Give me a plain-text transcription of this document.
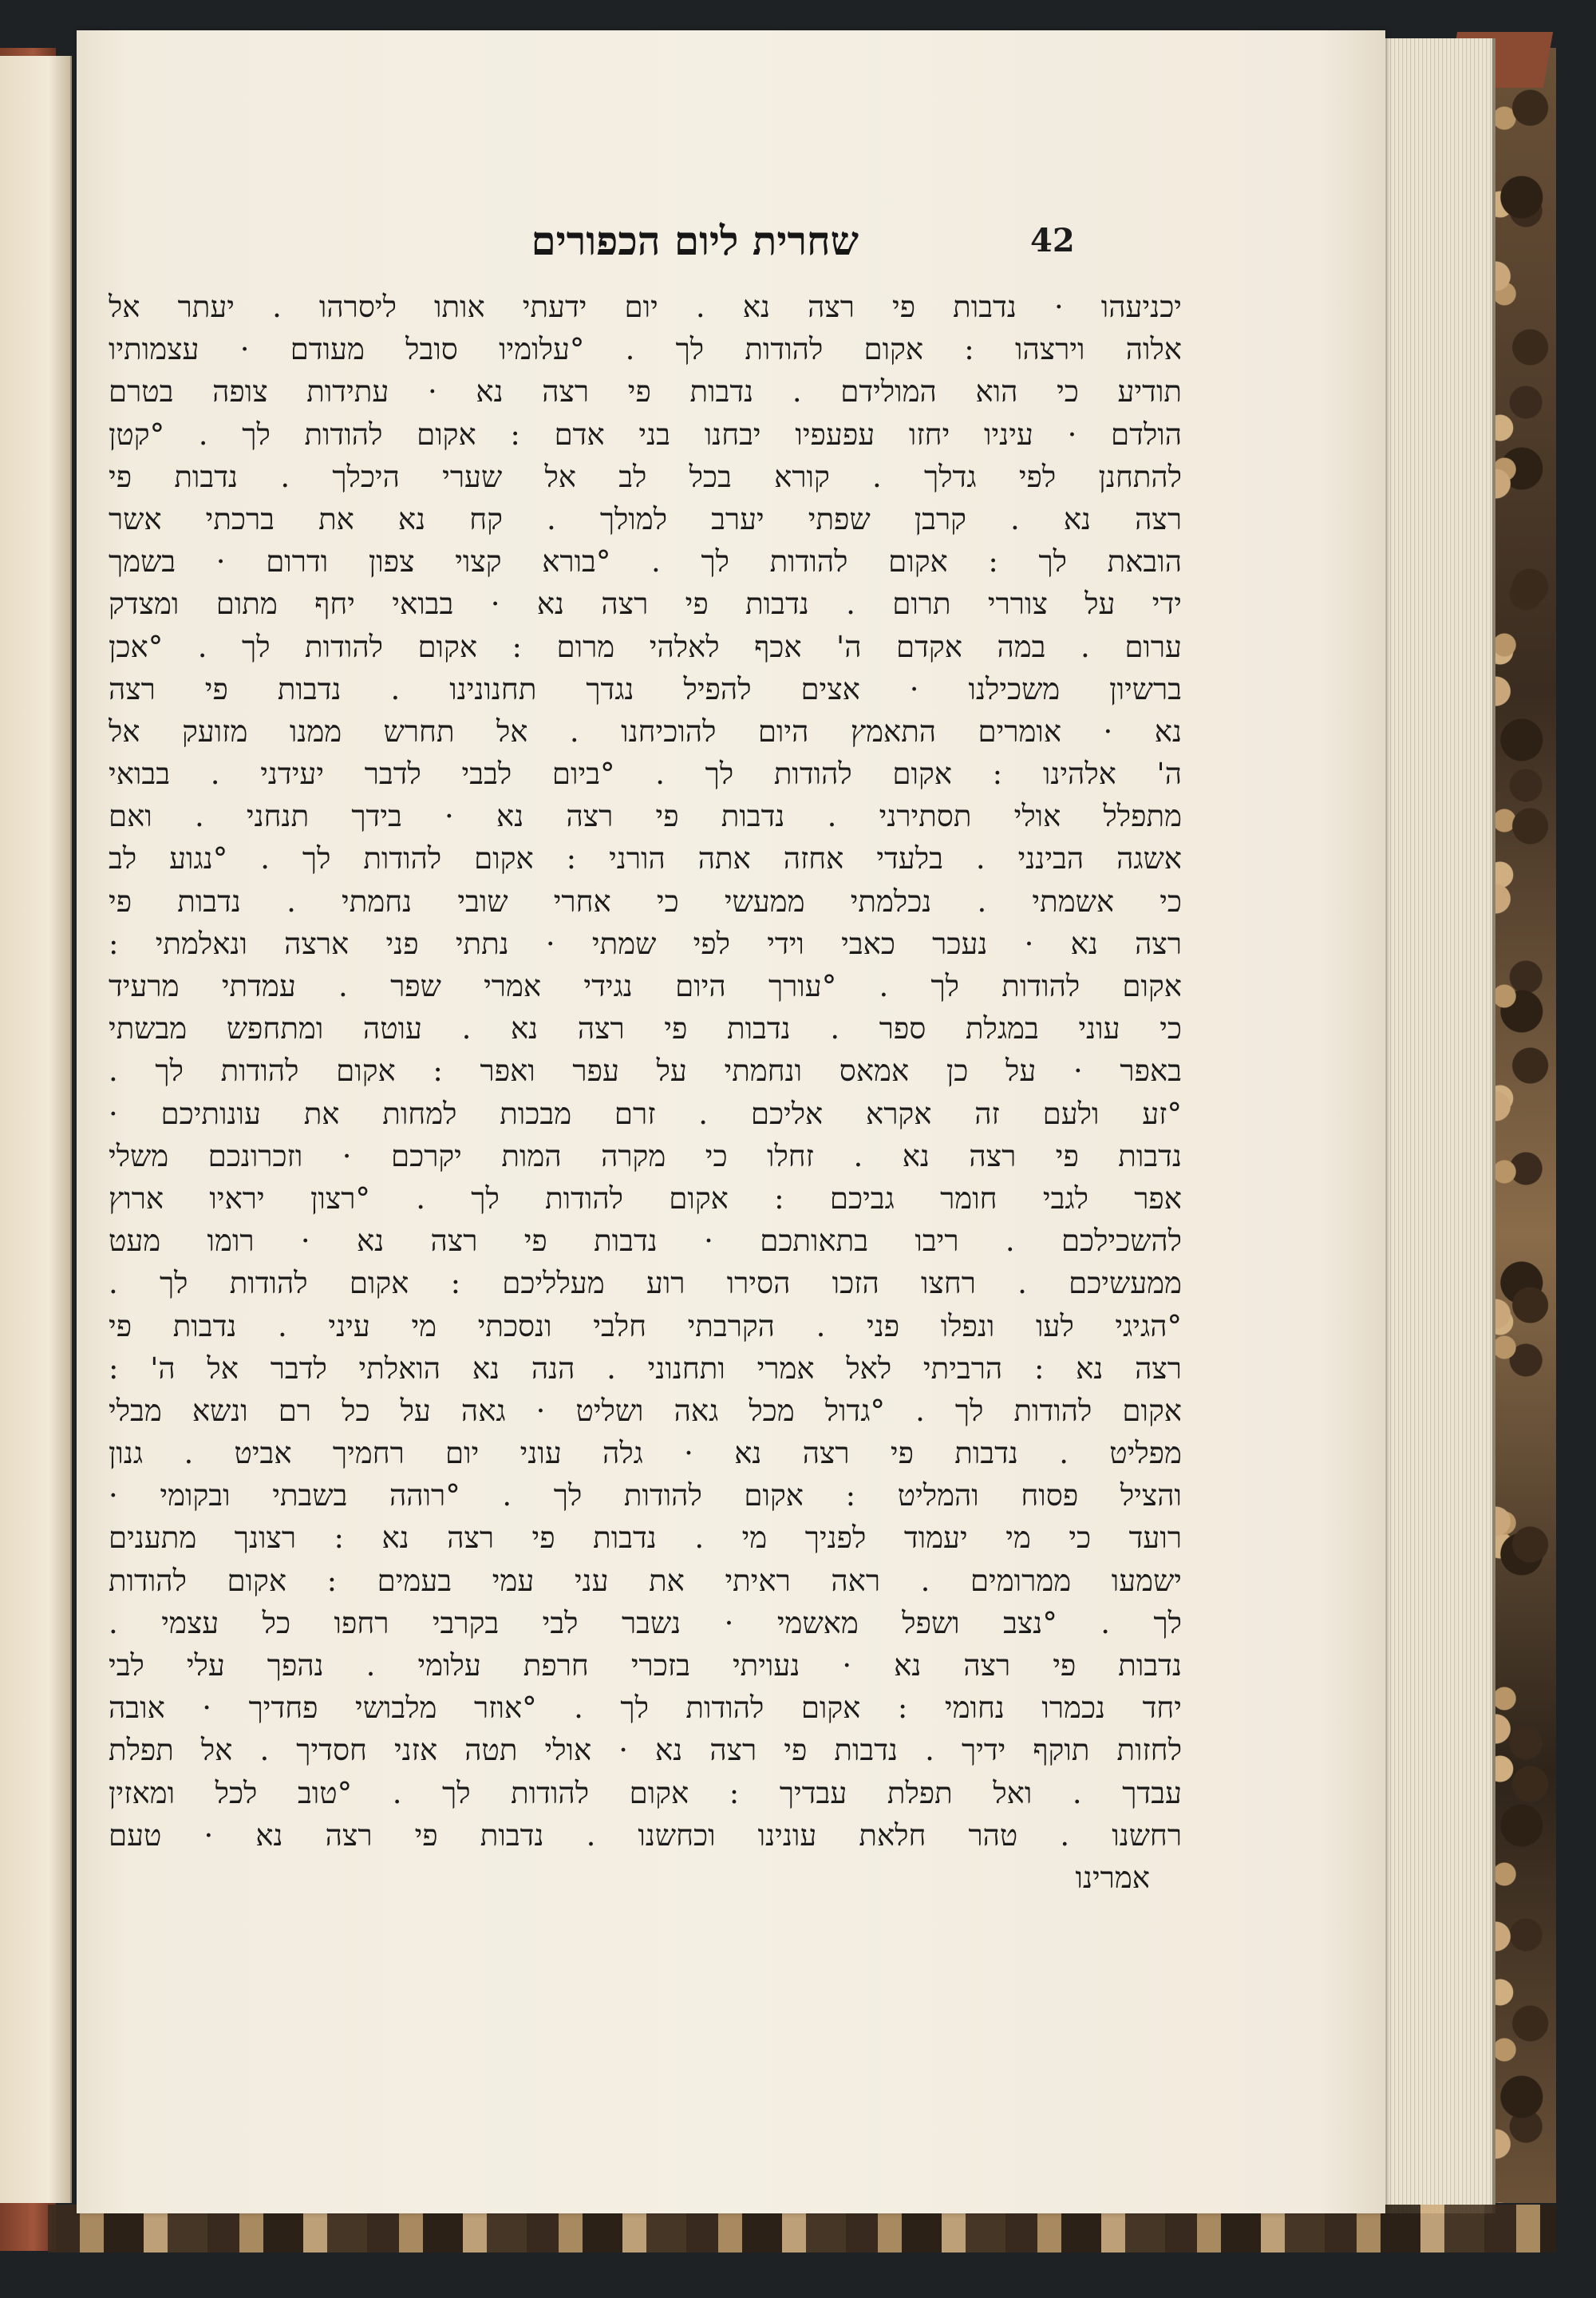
42
שחרית ליום הכפורים
יכניעהו · נדבות פי רצה נא . יום ידעתי אותו ליסרהו . יעתר אל
אלוה וירצהו : אקום להודות לך . °עלומיו סובל מעודם · עצמותיו
תודיע כי הוא המולידם . נדבות פי רצה נא · עתידות צופה בטרם
הולדם · עיניו יחזו עפעפיו יבחנו בני אדם : אקום להודות לך . °קטן
להתחנן לפי גדלך . קורא בכל לב אל שערי היכלך . נדבות פי
רצה נא . קרבן שפתי יערב למולך . קח נא את ברכתי אשר
הובאת לך : אקום להודות לך . °בורא קצוי צפון ודרום · בשמך
ידי על צוררי תרום . נדבות פי רצה נא · בבואי יחף מתום ומצדק
ערום . במה אקדם ה' אכף לאלהי מרום : אקום להודות לך . °אכן
ברשיון משכילנו · אצים להפיל נגדך תחנונינו . נדבות פי רצה
נא · אומרים התאמץ היום להוכיחנו . אל תחרש ממנו מזועק אל
ה' אלהינו : אקום להודות לך . °ביום לבבי לדבר יעידני . בבואי
מתפלל אולי תסתירני . נדבות פי רצה נא · בידך תנחני . ואם
אשגה הבינני . בלעדי אחזה אתה הורני : אקום להודות לך . °נגוע לב
כי אשמתי . נכלמתי ממעשי כי אחרי שובי נחמתי . נדבות פי
רצה נא · נעכר כאבי וידי לפי שמתי · נתתי פני ארצה ונאלמתי :
אקום להודות לך . °עורך היום נגידי אמרי שפר . עמדתי מרעיד
כי עוני במגלת ספר . נדבות פי רצה נא . עוטה ומתחפש מבשתי
באפר · על כן אמאס ונחמתי על עפר ואפר : אקום להודות לך .
°זע ולעם זה אקרא אליכם . זרם מבכות למחות את עונותיכם ·
נדבות פי רצה נא . זחלו כי מקרה המות יקרכם · וזכרונכם משלי
אפר לגבי חומר גביכם : אקום להודות לך . °רצון יראיו ארוץ
להשכילכם . ריבו בתאותכם · נדבות פי רצה נא · רומו מעט
ממעשיכם . רחצו הזכו הסירו רוע מעלליכם : אקום להודות לך .
°הגיגי לעו ונפלו פני . הקרבתי חלבי ונסכתי מי עיני . נדבות פי
רצה נא : הרביתי לאל אמרי ותחנוני . הנה נא הואלתי לדבר אל ה' :
אקום להודות לך . °גדול מכל גאה ושליט · גאה על כל רם ונשא מבלי
מפליט . נדבות פי רצה נא · גלה עוני יום רחמיך אביט . גנון
והציל פסוח והמליט : אקום להודות לך . °רוהה בשבתי ובקומי ·
רועד כי מי יעמוד לפניך מי . נדבות פי רצה נא : רצונך מתענים
ישמעו ממרומים . ראה ראיתי את עני עמי בעמים : אקום להודות
לך . °נצב ושפל מאשמי · נשבר לבי בקרבי רחפו כל עצמי .
נדבות פי רצה נא · נעויתי בזכרי חרפת עלומי . נהפך עלי לבי
יחד נכמרו נחומי : אקום להודות לך . °אוזר מלבושי פחדיך · אובה
לחזות תוקף ידיך . נדבות פי רצה נא · אולי תטה אזני חסדיך . אל תפלת
עבדך . ואל תפלת עבדיך : אקום להודות לך . °טוב לכל ומאזין
רחשנו . טהר חלאת עונינו וכחשנו . נדבות פי רצה נא · טעם
אמרינו
